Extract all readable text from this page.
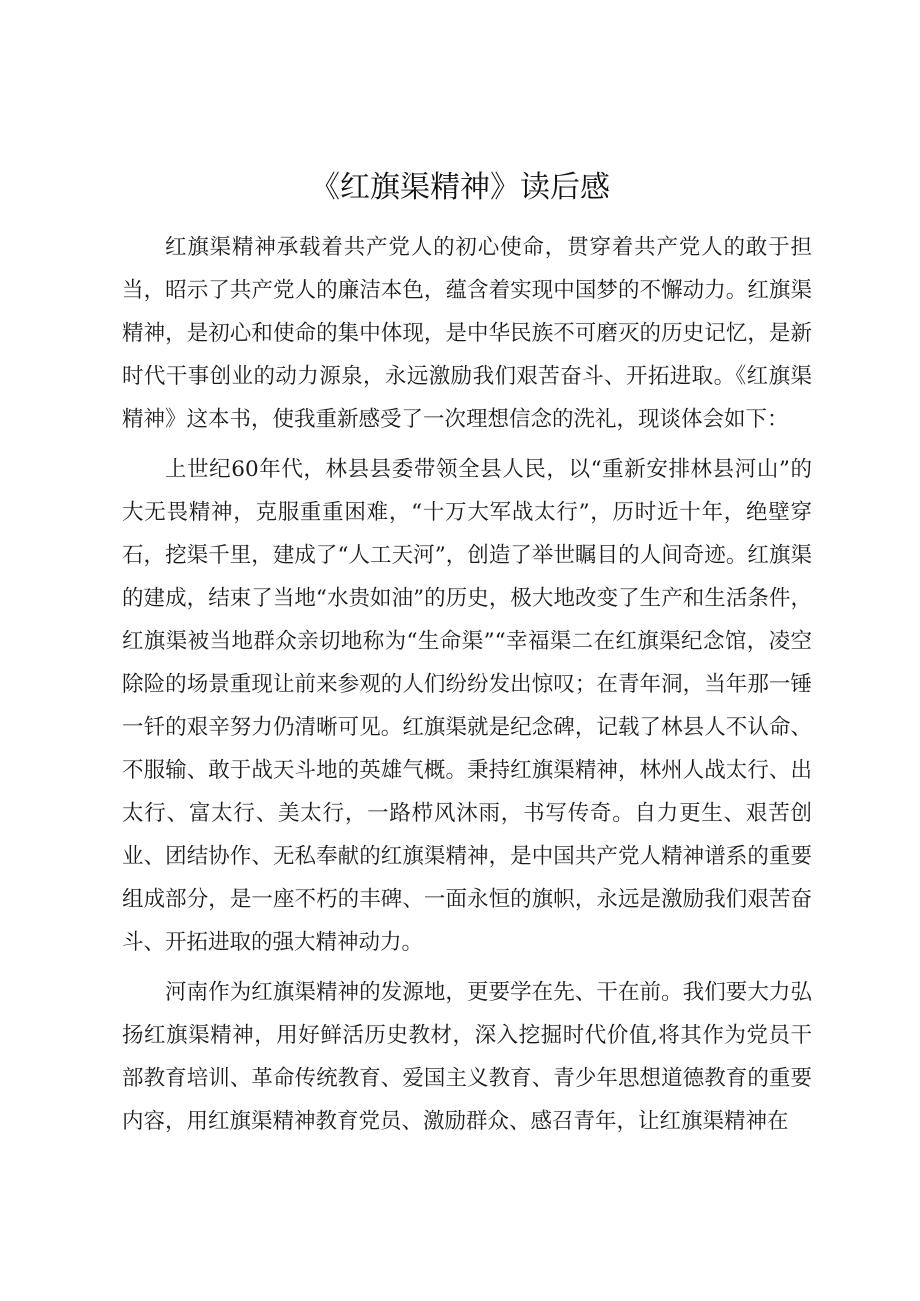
《红旗渠精神》读后感

红旗渠精神承载着共产党人的初心使命，贯穿着共产党人的敢于担当，昭示了共产党人的廉洁本色，蕴含着实现中国梦的不懈动力。红旗渠精神，是初心和使命的集中体现，是中华民族不可磨灭的历史记忆，是新时代干事创业的动力源泉，永远激励我们艰苦奋斗、开拓进取。《红旗渠精神》这本书，使我重新感受了一次理想信念的洗礼，现谈体会如下：

上世纪60年代，林县县委带领全县人民，以“重新安排林县河山”的大无畏精神，克服重重困难，“十万大军战太行”，历时近十年，绝壁穿石，挖渠千里，建成了“人工天河”，创造了举世瞩目的人间奇迹。红旗渠的建成，结束了当地“水贵如油”的历史，极大地改变了生产和生活条件，红旗渠被当地群众亲切地称为“生命渠”“幸福渠二在红旗渠纪念馆，凌空除险的场景重现让前来参观的人们纷纷发出惊叹；在青年洞，当年那一锤一钎的艰辛努力仍清晰可见。红旗渠就是纪念碑，记载了林县人不认命、不服输、敢于战天斗地的英雄气概。秉持红旗渠精神，林州人战太行、出太行、富太行、美太行，一路栉风沐雨，书写传奇。自力更生、艰苦创业、团结协作、无私奉献的红旗渠精神，是中国共产党人精神谱系的重要组成部分，是一座不朽的丰碑、一面永恒的旗帜，永远是激励我们艰苦奋斗、开拓进取的强大精神动力。

河南作为红旗渠精神的发源地，更要学在先、干在前。我们要大力弘扬红旗渠精神，用好鲜活历史教材，深入挖掘时代价值,将其作为党员干部教育培训、革命传统教育、爱国主义教育、青少年思想道德教育的重要内容，用红旗渠精神教育党员、激励群众、感召青年，让红旗渠精神在
